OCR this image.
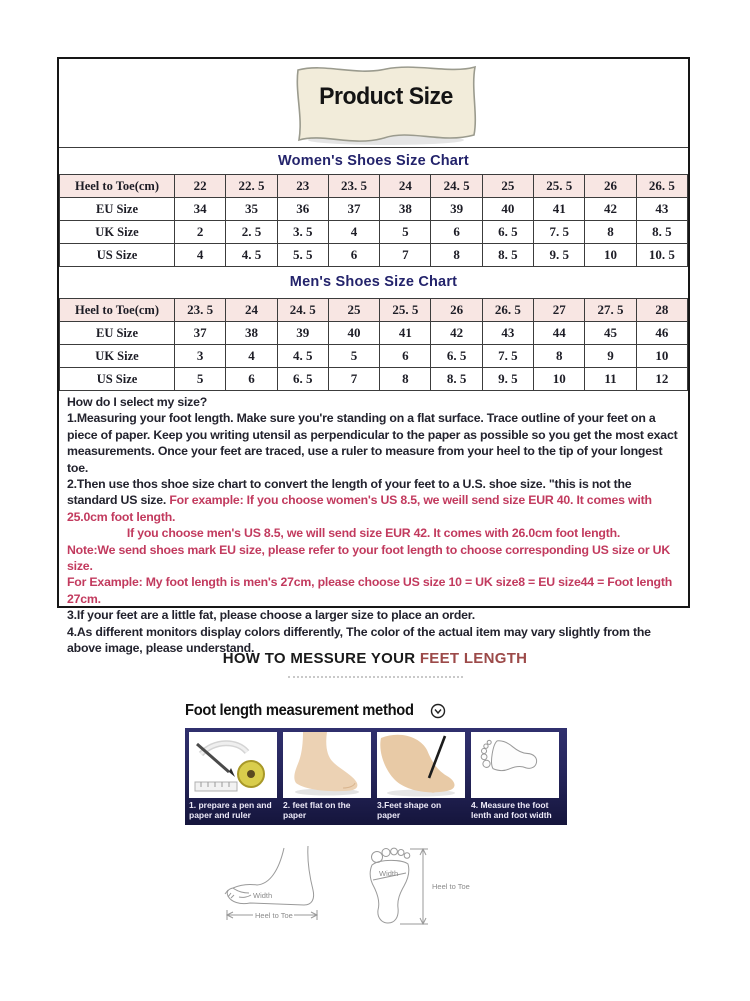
Product Size
Women's Shoes Size Chart
Heel to Toe(cm)	22	22. 5	23	23. 5	24	24. 5	25	25. 5	26	26. 5
EU Size	34	35	36	37	38	39	40	41	42	43
UK Size	2	2. 5	3. 5	4	5	6	6. 5	7. 5	8	8. 5
US Size	4	4. 5	5. 5	6	7	8	8. 5	9. 5	10	10. 5
Men's Shoes Size Chart
Heel to Toe(cm)	23. 5	24	24. 5	25	25. 5	26	26. 5	27	27. 5	28
EU Size	37	38	39	40	41	42	43	44	45	46
UK Size	3	4	4. 5	5	6	6. 5	7. 5	8	9	10
US Size	5	6	6. 5	7	8	8. 5	9. 5	10	11	12
How do I select my size?
1.Measuring your foot length. Make sure you're standing on a flat surface. Trace outline of your feet on a piece of paper. Keep you writing utensil as perpendicular to the paper as possible so you get the most exact measurements. Once your feet are traced, use a ruler to measure from your heel to the tip of your longest toe.
2.Then use thos shoe size chart to convert the length of your feet to a U.S. shoe size. "this is not the standard US size. For example: If you choose women's US 8.5, we weill send size EUR 40. It comes with 25.0cm foot length.
If you choose men's US 8.5, we will send size EUR 42. It comes with 26.0cm foot length.
Note:We send shoes mark EU size, please refer to your foot length to choose corresponding US size or UK size.
For Example: My foot length is men's 27cm, please choose US size 10 = UK size8 = EU size44 = Foot length 27cm.
3.If your feet are a little fat, please choose a larger size to place an order.
4.As different monitors display colors differently, The color of the actual item may vary slightly from the above image, please understand.
HOW TO MESSURE YOUR FEET LENGTH
Foot length measurement method
1. prepare a pen and paper and ruler
2. feet flat on the paper
3.Feet shape on paper
4. Measure the foot lenth and foot width
Width
Heel to Toe
Width
Heel to Toe
